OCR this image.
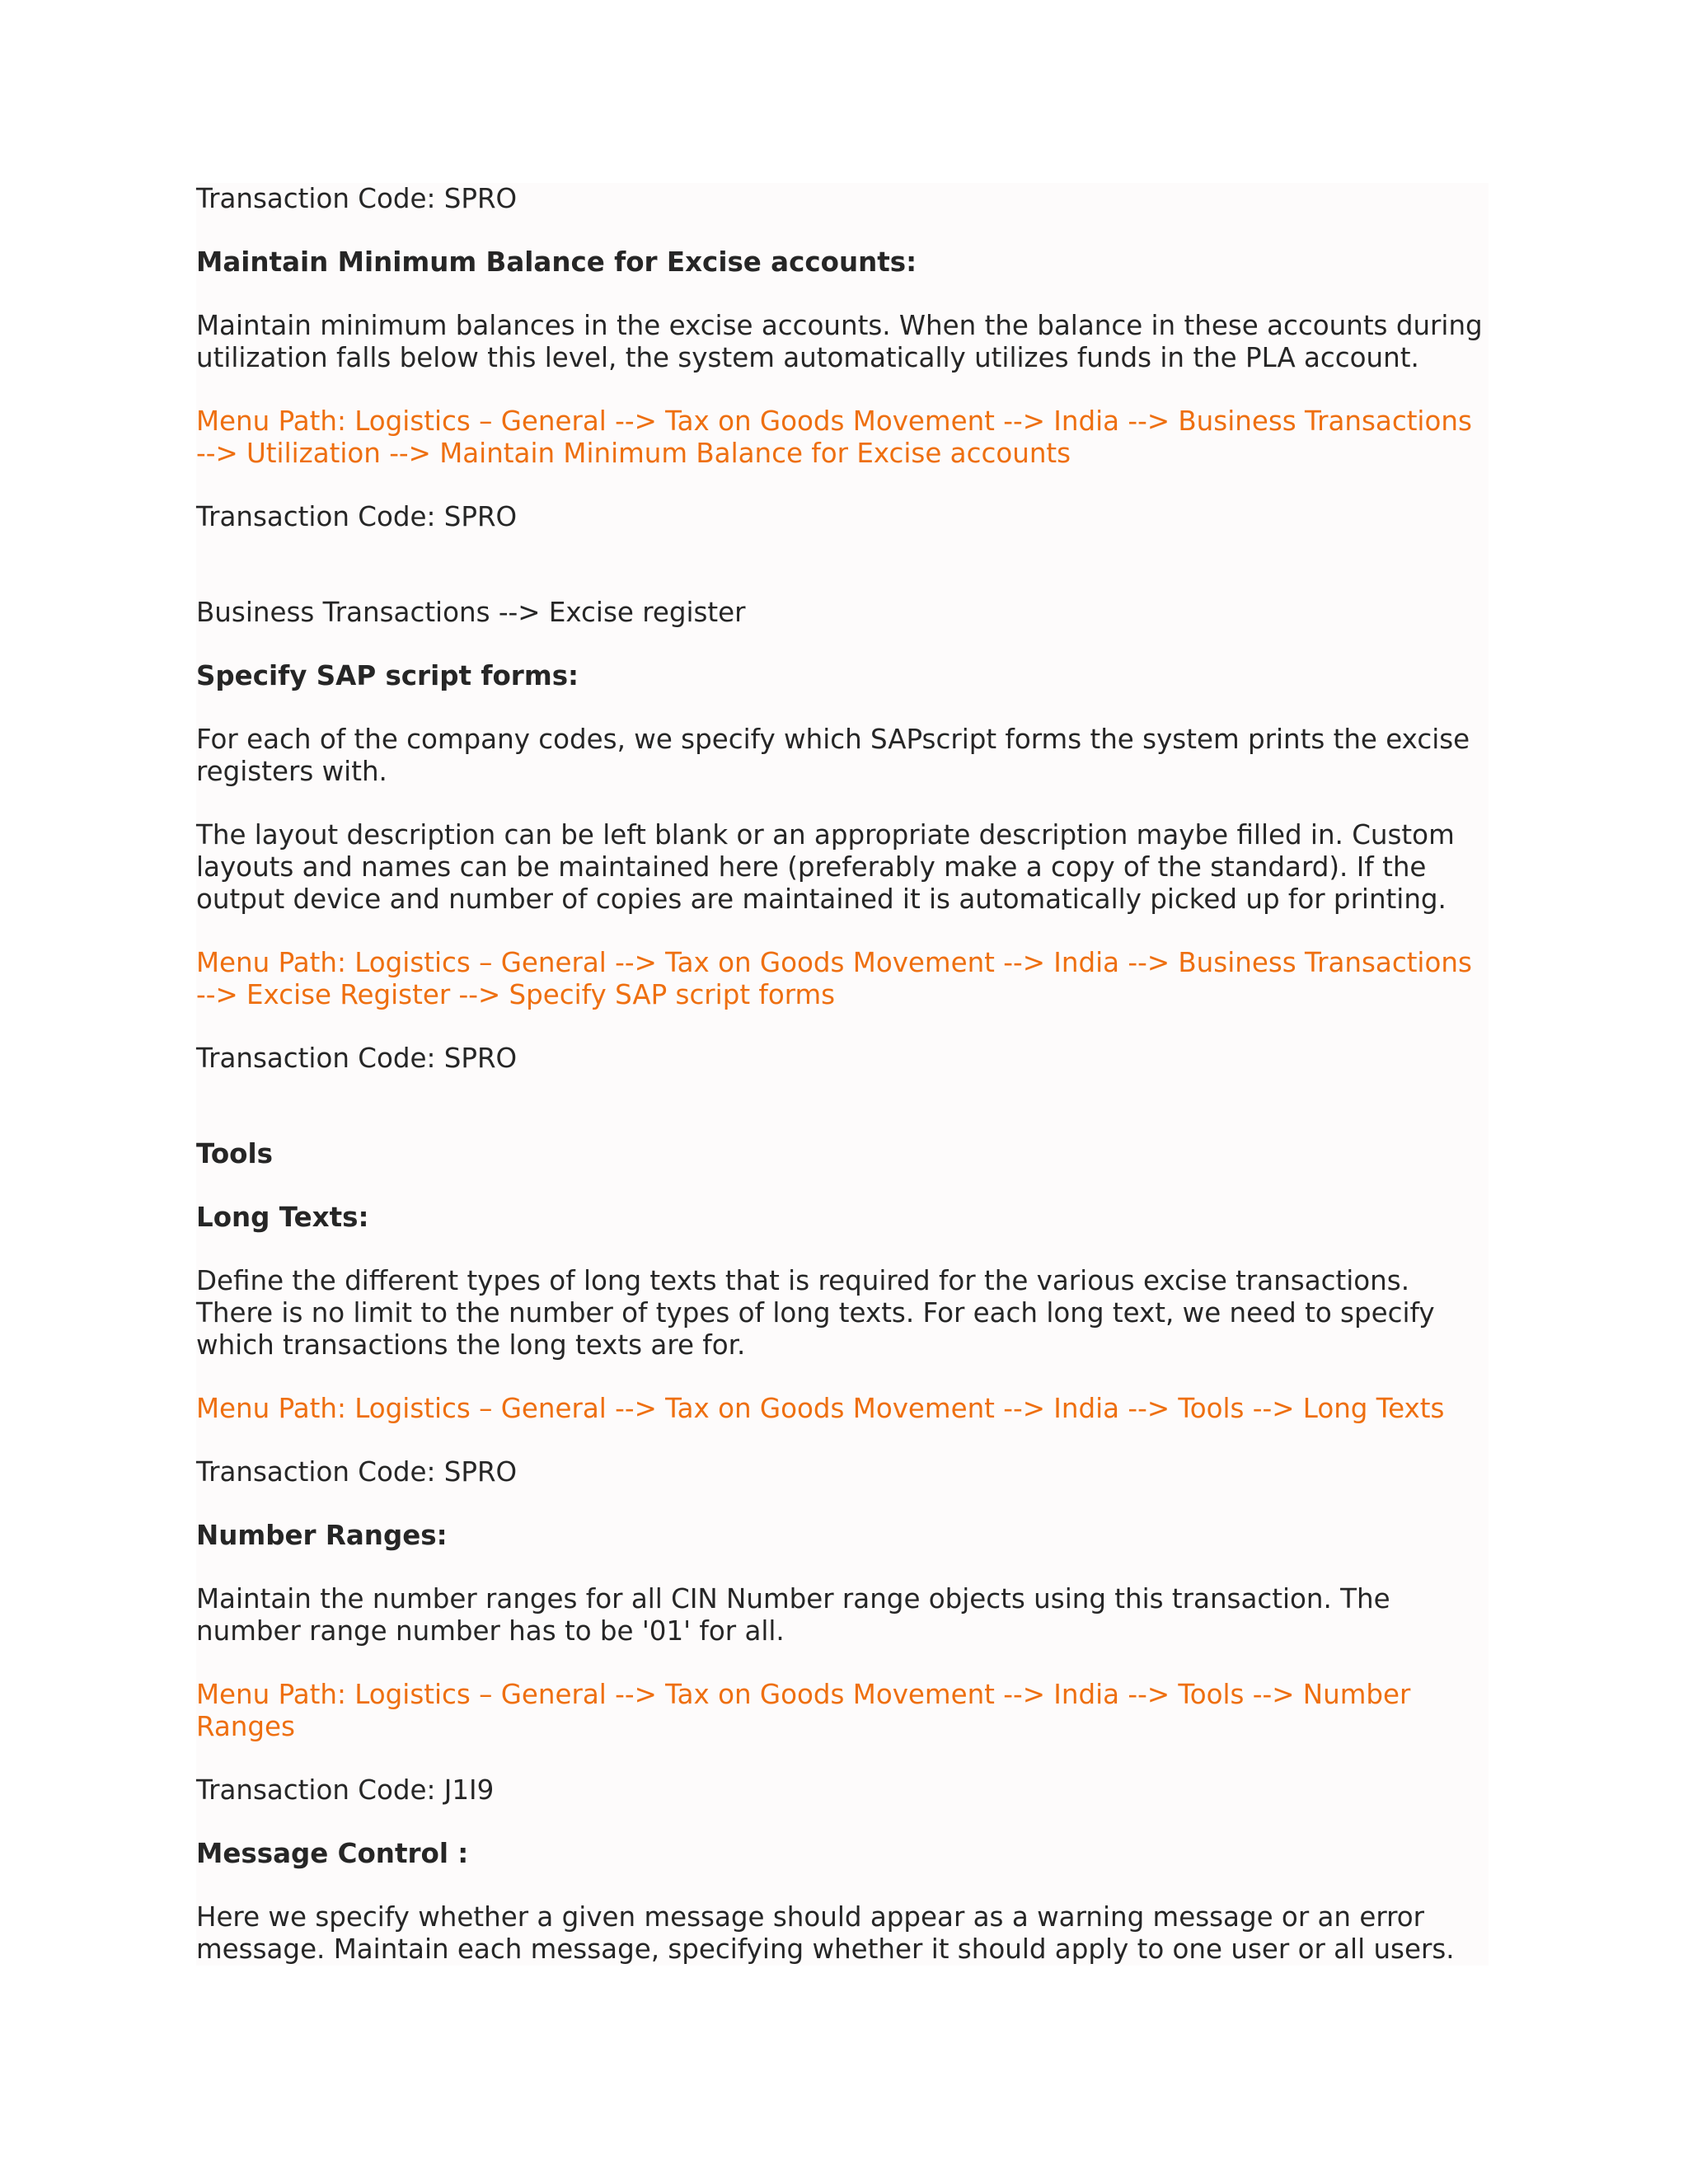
Transaction Code: SPRO

Maintain Minimum Balance for Excise accounts:

Maintain minimum balances in the excise accounts. When the balance in these accounts during utilization falls below this level, the system automatically utilizes funds in the PLA account.

Menu Path: Logistics – General --> Tax on Goods Movement --> India --> Business Transactions --> Utilization --> Maintain Minimum Balance for Excise accounts

Transaction Code: SPRO

Business Transactions --> Excise register

Specify SAP script forms:

For each of the company codes, we specify which SAPscript forms the system prints the excise registers with.

The layout description can be left blank or an appropriate description maybe filled in. Custom layouts and names can be maintained here (preferably make a copy of the standard). If the output device and number of copies are maintained it is automatically picked up for printing.

Menu Path: Logistics – General --> Tax on Goods Movement --> India --> Business Transactions --> Excise Register --> Specify SAP script forms

Transaction Code: SPRO

Tools

Long Texts:

Define the different types of long texts that is required for the various excise transactions. There is no limit to the number of types of long texts. For each long text, we need to specify which transactions the long texts are for.

Menu Path: Logistics – General --> Tax on Goods Movement --> India --> Tools --> Long Texts

Transaction Code: SPRO

Number Ranges:

Maintain the number ranges for all CIN Number range objects using this transaction. The number range number has to be '01' for all.

Menu Path: Logistics – General --> Tax on Goods Movement --> India --> Tools --> Number Ranges

Transaction Code: J1I9

Message Control :

Here we specify whether a given message should appear as a warning message or an error message. Maintain each message, specifying whether it should apply to one user or all users.
